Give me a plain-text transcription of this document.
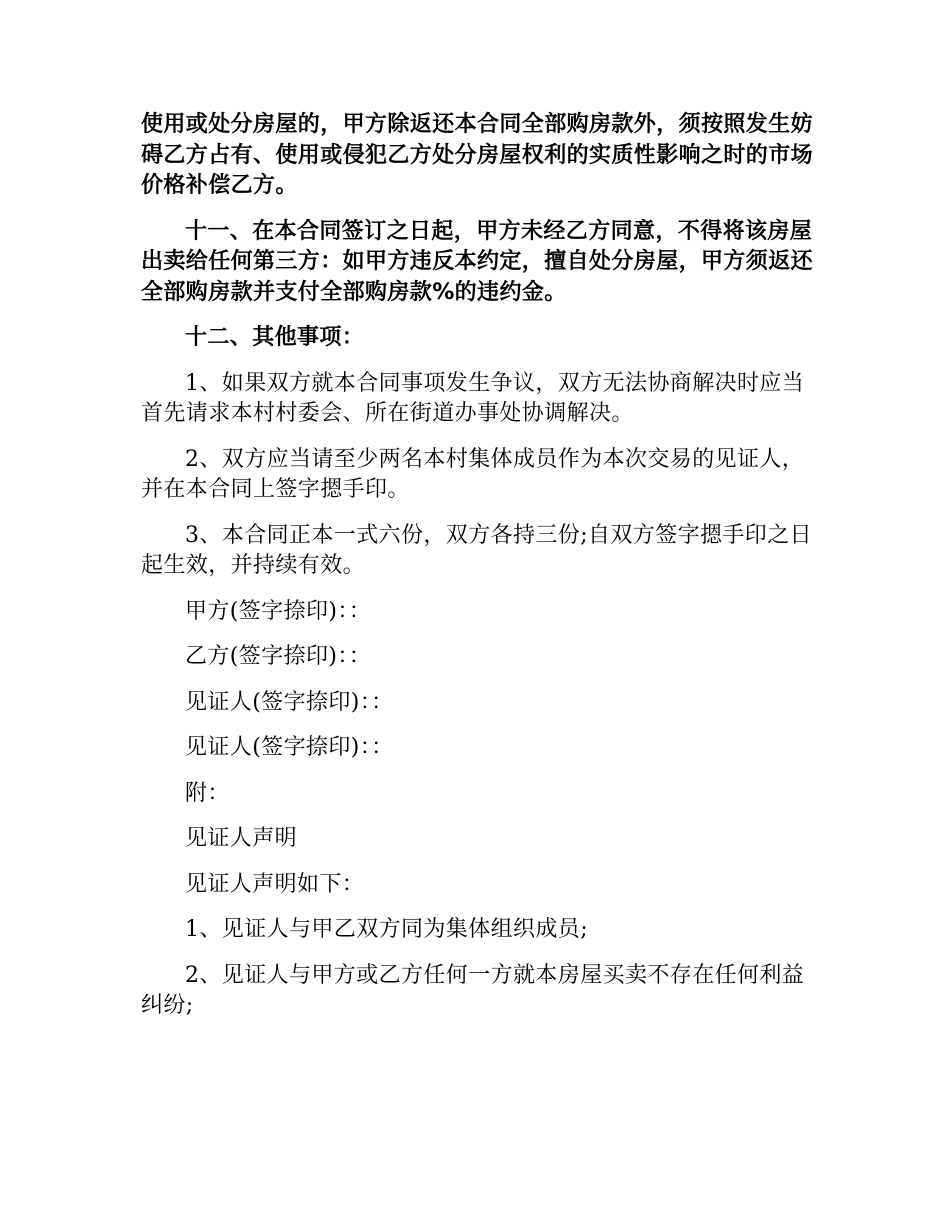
使用或处分房屋的，甲方除返还本合同全部购房款外，须按照发生妨碍乙方占有、使用或侵犯乙方处分房屋权利的实质性影响之时的市场价格补偿乙方。

十一、在本合同签订之日起，甲方未经乙方同意，不得将该房屋出卖给任何第三方：如甲方违反本约定，擅自处分房屋，甲方须返还全部购房款并支付全部购房款%的违约金。

十二、其他事项：

1、如果双方就本合同事项发生争议，双方无法协商解决时应当首先请求本村村委会、所在街道办事处协调解决。

2、双方应当请至少两名本村集体成员作为本次交易的见证人，并在本合同上签字摁手印。

3、本合同正本一式六份，双方各持三份;自双方签字摁手印之日起生效，并持续有效。

甲方(签字捺印)：：

乙方(签字捺印)：：

见证人(签字捺印)：：

见证人(签字捺印)：：

附：

见证人声明

见证人声明如下：

1、见证人与甲乙双方同为集体组织成员;

2、见证人与甲方或乙方任何一方就本房屋买卖不存在任何利益纠纷;
